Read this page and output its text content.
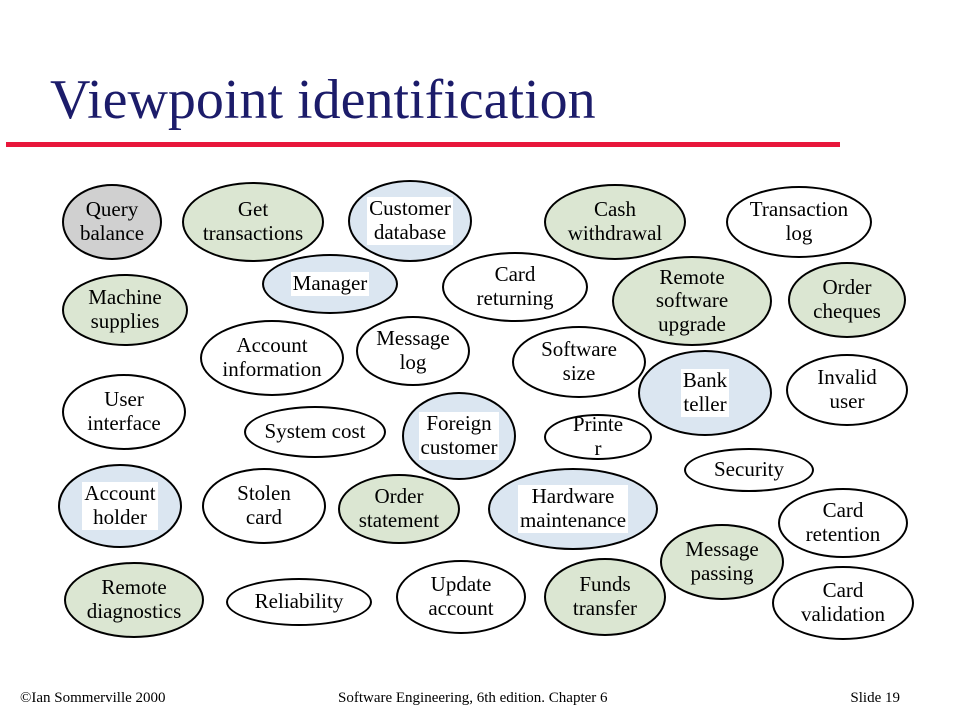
Viewpoint identification
Query
balance
Get
transactions
Customer
database
Cash
withdrawal
Transaction
log
Machine
supplies
Manager	Card
returning
Remote
software
upgrade
Order
cheques
Account
information
Message
log
Software
size	Bank
teller
Invalid
user
User
interface	System cost	Foreign
customer
Printe
r
Security
Account
holder
Stolen
card
Order
statement
Hardware
maintenance	Card
retention
Message
passing
Remote
diagnostics	Reliability
Update
account
Funds
transfer
Card
validation
©Ian Sommerville 2000	Software Engineering, 6th edition. Chapter 6	Slide 19
